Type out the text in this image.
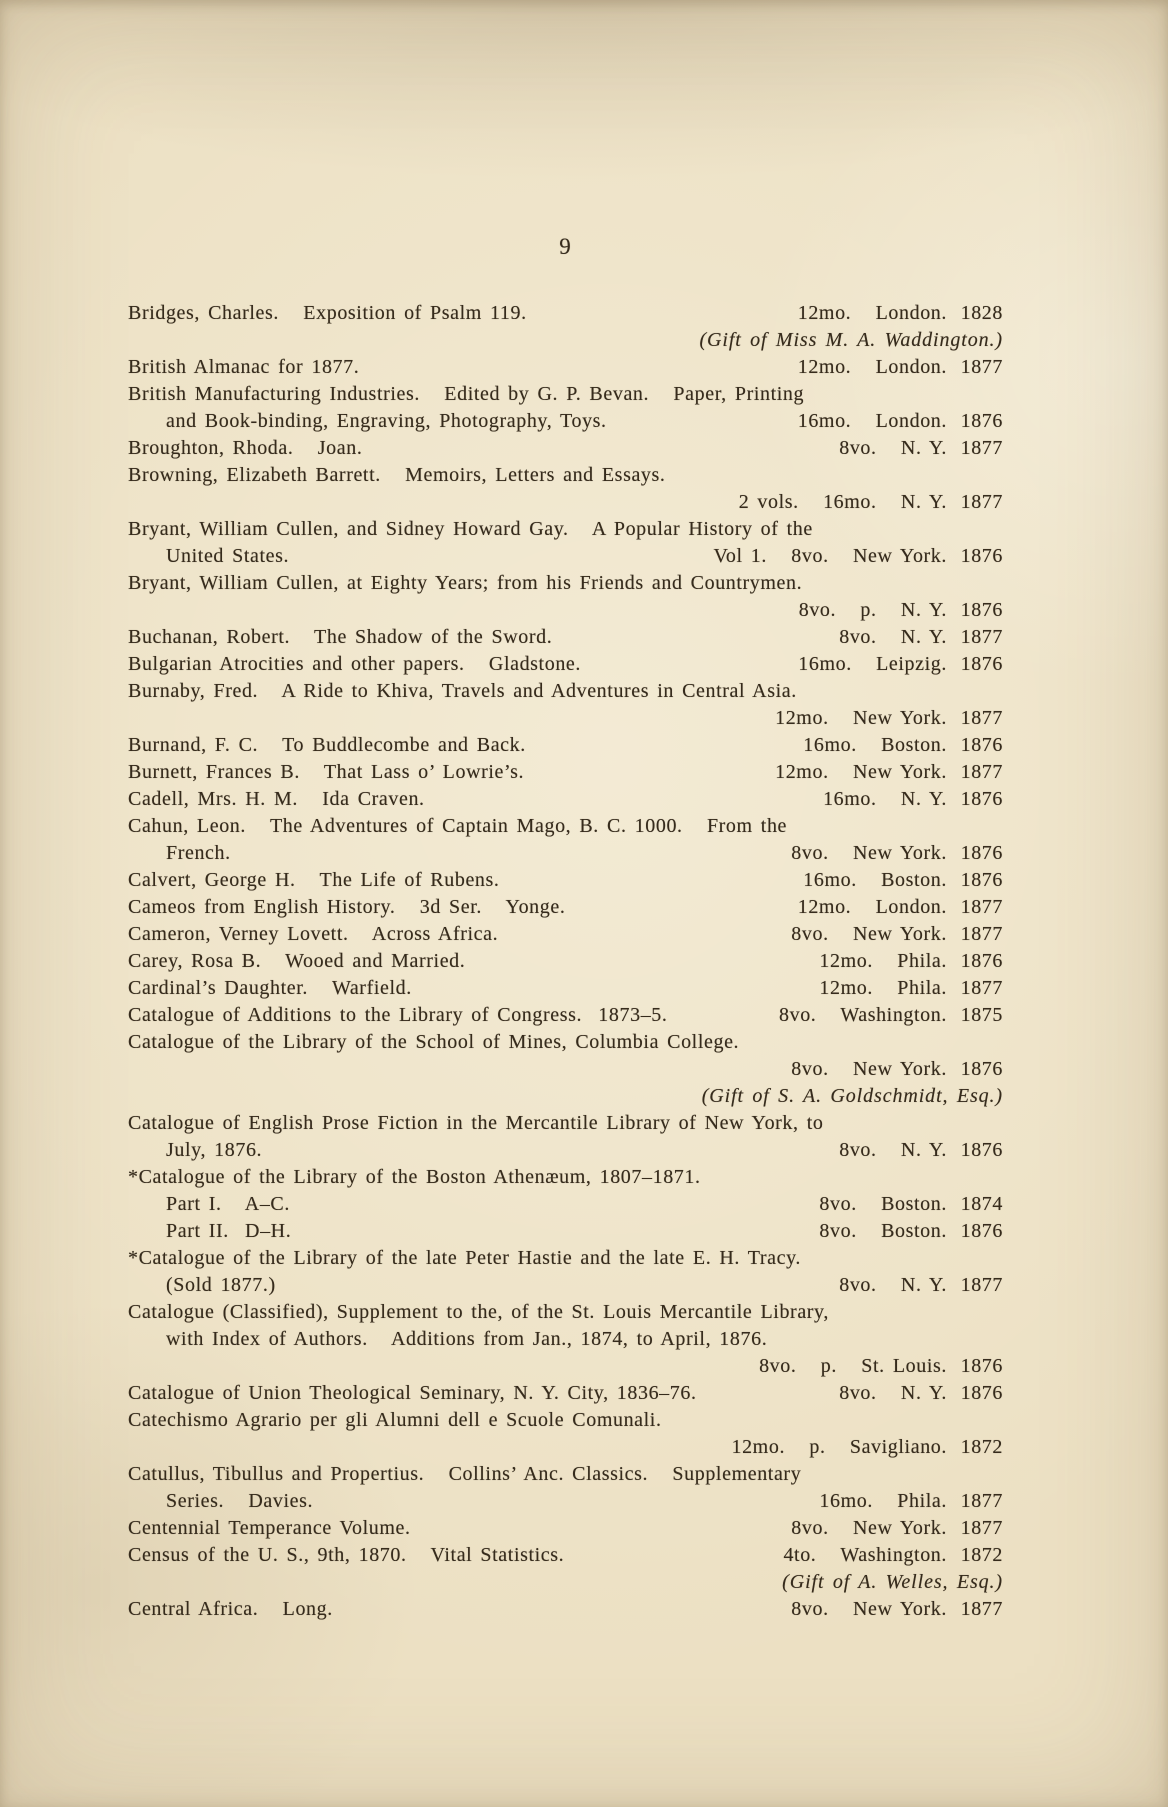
9
Bridges, Charles.   Exposition of Psalm 119.	12mo.   London. 1828
(Gift of Miss M. A. Waddington.)
British Almanac for 1877.	12mo.   London. 1877
British Manufacturing Industries.   Edited by G. P. Bevan.   Paper, Printing
and Book-binding, Engraving, Photography, Toys.	16mo.   London. 1876
Broughton, Rhoda.   Joan.	8vo.   N. Y. 1877
Browning, Elizabeth Barrett.   Memoirs, Letters and Essays.
2 vols.   16mo.   N. Y. 1877
Bryant, William Cullen, and Sidney Howard Gay.   A Popular History of the
United States.	Vol 1.   8vo.   New York. 1876
Bryant, William Cullen, at Eighty Years; from his Friends and Countrymen.
8vo.   p.   N. Y. 1876
Buchanan, Robert.   The Shadow of the Sword.	8vo.   N. Y. 1877
Bulgarian Atrocities and other papers.   Gladstone.	16mo.   Leipzig. 1876
Burnaby, Fred.   A Ride to Khiva, Travels and Adventures in Central Asia.
12mo.   New York. 1877
Burnand, F. C.   To Buddlecombe and Back.	16mo.   Boston. 1876
Burnett, Frances B.   That Lass o’ Lowrie’s.	12mo.   New York. 1877
Cadell, Mrs. H. M.   Ida Craven.	16mo.   N. Y. 1876
Cahun, Leon.   The Adventures of Captain Mago, B. C. 1000.   From the
French.	8vo.   New York. 1876
Calvert, George H.   The Life of Rubens.	16mo.   Boston. 1876
Cameos from English History.   3d Ser.   Yonge.	12mo.   London. 1877
Cameron, Verney Lovett.   Across Africa.	8vo.   New York. 1877
Carey, Rosa B.   Wooed and Married.	12mo.   Phila. 1876
Cardinal’s Daughter.   Warfield.	12mo.   Phila. 1877
Catalogue of Additions to the Library of Congress.  1873–5.	8vo.   Washington. 1875
Catalogue of the Library of the School of Mines, Columbia College.
8vo.   New York. 1876
(Gift of S. A. Goldschmidt, Esq.)
Catalogue of English Prose Fiction in the Mercantile Library of New York, to
July, 1876.	8vo.   N. Y. 1876
*Catalogue of the Library of the Boston Athenæum, 1807–1871.
Part I.   A–C.	8vo.   Boston. 1874
Part II.  D–H.	8vo.   Boston. 1876
*Catalogue of the Library of the late Peter Hastie and the late E. H. Tracy.
(Sold 1877.)	8vo.   N. Y. 1877
Catalogue (Classified), Supplement to the, of the St. Louis Mercantile Library,
with Index of Authors.   Additions from Jan., 1874, to April, 1876.
8vo.   p.   St. Louis. 1876
Catalogue of Union Theological Seminary, N. Y. City, 1836–76.	8vo.   N. Y. 1876
Catechismo Agrario per gli Alumni dell e Scuole Comunali.
12mo.   p.   Savigliano. 1872
Catullus, Tibullus and Propertius.   Collins’ Anc. Classics.   Supplementary
Series.   Davies.	16mo.   Phila. 1877
Centennial Temperance Volume.	8vo.   New York. 1877
Census of the U. S., 9th, 1870.   Vital Statistics.	4to.   Washington. 1872
(Gift of A. Welles, Esq.)
Central Africa.   Long.	8vo.   New York. 1877
